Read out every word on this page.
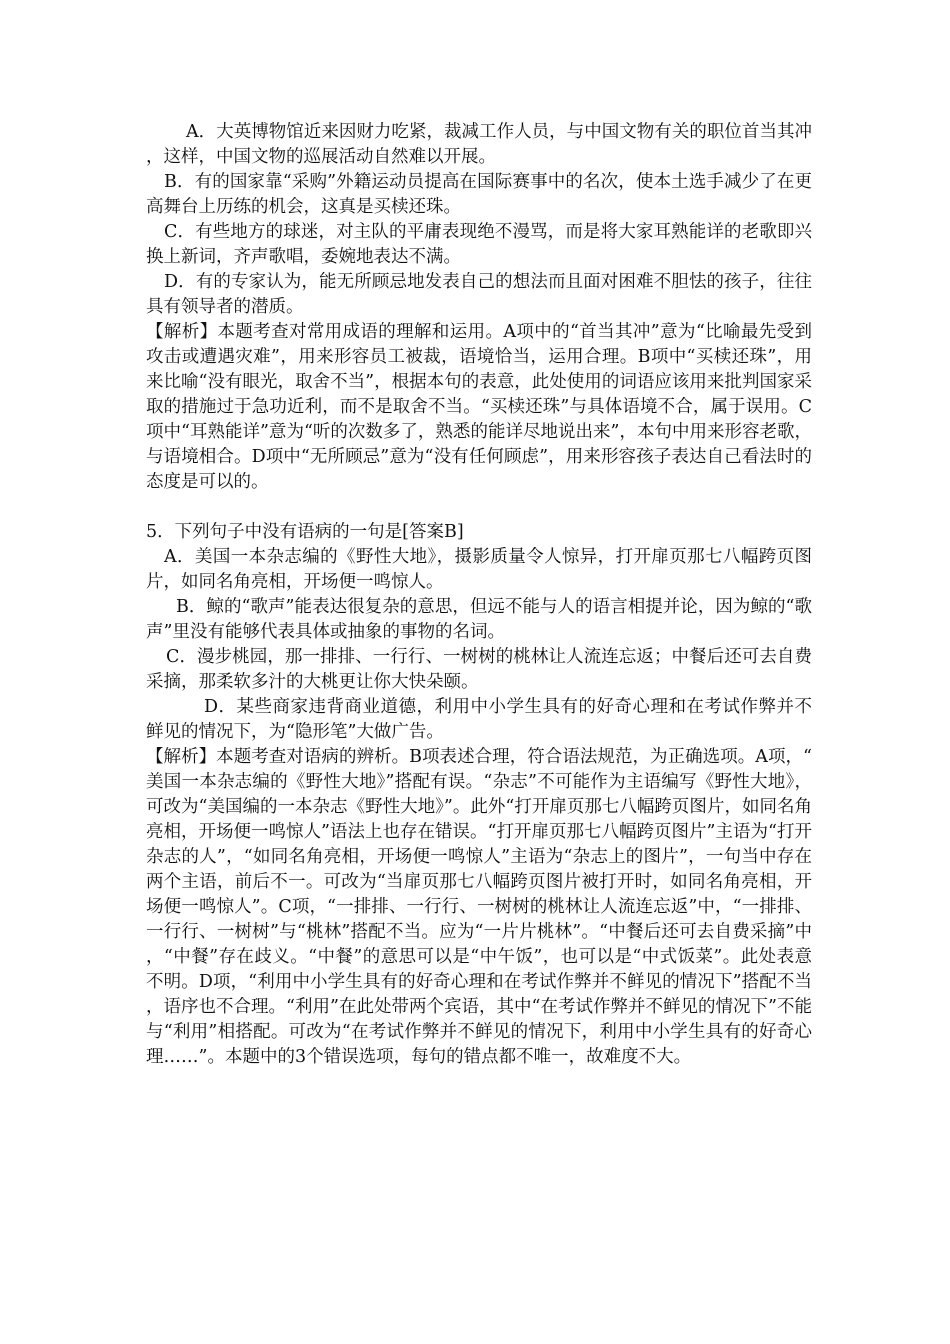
A．大英博物馆近来因财力吃紧，裁减工作人员，与中国文物有关的职位首当其冲，这样，中国文物的巡展活动自然难以开展。

B．有的国家靠“采购”外籍运动员提高在国际赛事中的名次，使本土选手减少了在更高舞台上历练的机会，这真是买椟还珠。

C．有些地方的球迷，对主队的平庸表现绝不漫骂，而是将大家耳熟能详的老歌即兴换上新词，齐声歌唱，委婉地表达不满。

D．有的专家认为，能无所顾忌地发表自己的想法而且面对困难不胆怯的孩子，往往具有领导者的潜质。

【解析】本题考查对常用成语的理解和运用。A项中的“首当其冲”意为“比喻最先受到攻击或遭遇灾难”，用来形容员工被裁，语境恰当，运用合理。B项中“买椟还珠”，用来比喻“没有眼光，取舍不当”，根据本句的表意，此处使用的词语应该用来批判国家采取的措施过于急功近利，而不是取舍不当。“买椟还珠”与具体语境不合，属于误用。C项中“耳熟能详”意为“听的次数多了，熟悉的能详尽地说出来”，本句中用来形容老歌，与语境相合。D项中“无所顾忌”意为“没有任何顾虑”，用来形容孩子表达自己看法时的态度是可以的。

5．下列句子中没有语病的一句是[答案B]

A．美国一本杂志编的《野性大地》，摄影质量令人惊异，打开扉页那七八幅跨页图片，如同名角亮相，开场便一鸣惊人。

B．鲸的“歌声”能表达很复杂的意思，但远不能与人的语言相提并论，因为鲸的“歌声”里没有能够代表具体或抽象的事物的名词。

C．漫步桃园，那一排排、一行行、一树树的桃林让人流连忘返；中餐后还可去自费采摘，那柔软多汁的大桃更让你大快朵颐。

D．某些商家违背商业道德，利用中小学生具有的好奇心理和在考试作弊并不鲜见的情况下，为“隐形笔”大做广告。

【解析】本题考查对语病的辨析。B项表述合理，符合语法规范，为正确选项。A项，“美国一本杂志编的《野性大地》”搭配有误。“杂志”不可能作为主语编写《野性大地》，可改为“美国编的一本杂志《野性大地》”。此外“打开扉页那七八幅跨页图片，如同名角亮相，开场便一鸣惊人”语法上也存在错误。“打开扉页那七八幅跨页图片”主语为“打开杂志的人”，“如同名角亮相，开场便一鸣惊人”主语为“杂志上的图片”，一句当中存在两个主语，前后不一。可改为“当扉页那七八幅跨页图片被打开时，如同名角亮相，开场便一鸣惊人”。C项，“一排排、一行行、一树树的桃林让人流连忘返”中，“一排排、一行行、一树树”与“桃林”搭配不当。应为“一片片桃林”。“中餐后还可去自费采摘”中，“中餐”存在歧义。“中餐”的意思可以是“中午饭”，也可以是“中式饭菜”。此处表意不明。D项，“利用中小学生具有的好奇心理和在考试作弊并不鲜见的情况下”搭配不当，语序也不合理。“利用”在此处带两个宾语，其中“在考试作弊并不鲜见的情况下”不能与“利用”相搭配。可改为“在考试作弊并不鲜见的情况下，利用中小学生具有的好奇心理……”。本题中的3个错误选项，每句的错点都不唯一，故难度不大。
